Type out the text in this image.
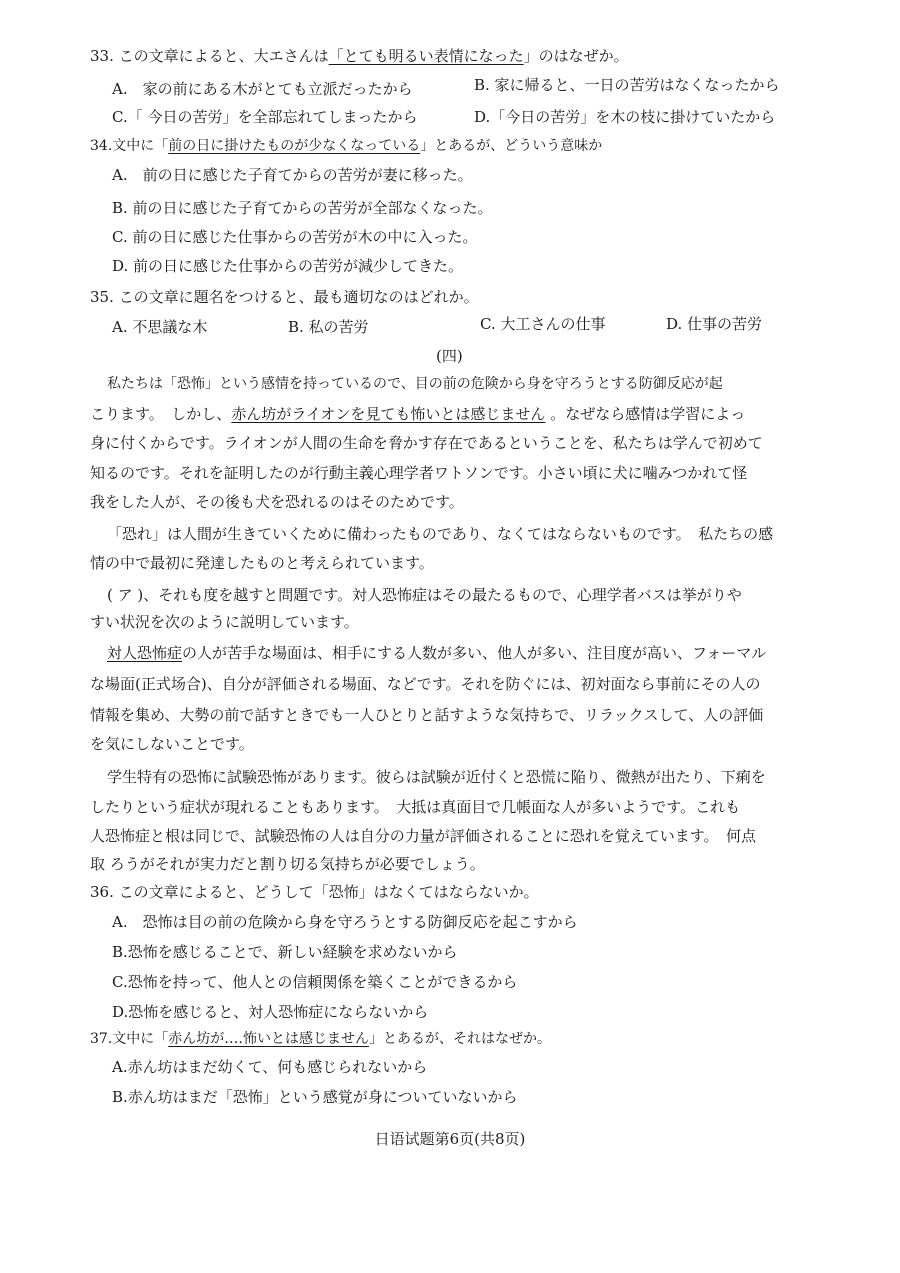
33. この文章によると、大エさんは「とても明るい表情になった」のはなぜか。
A.　家の前にある木がとても立派だったから	B. 家に帰ると、一日の苦労はなくなったから
C.「 今日の苦労」を全部忘れてしまったから	D.「今日の苦労」を木の枝に掛けていたから
34.文中に「前の日に掛けたものが少なくなっている」とあるが、どういう意味か
A.　前の日に感じた子育てからの苦労が妻に移った。
B. 前の日に感じた子育てからの苦労が全部なくなった。
C. 前の日に感じた仕事からの苦労が木の中に入った。
D. 前の日に感じた仕事からの苦労が減少してきた。
35. この文章に題名をつけると、最も適切なのはどれか。
A. 不思議な木	B. 私の苦労	C. 大工さんの仕事	D. 仕事の苦労
(四)
私たちは「恐怖」という感情を持っているので、目の前の危険から身を守ろうとする防御反応が起
こります。　しかし、赤ん坊がライオンを見ても怖いとは感じません 。なぜなら感情は学習によっ
身に付くからです。ライオンが人間の生命を脅かす存在であるということを、私たちは学んで初めて
知るのです。それを証明したのが行動主義心理学者ワトソンです。小さい頃に犬に噛みつかれて怪
我をした人が、その後も犬を恐れるのはそのためです。
「恐れ」は人間が生きていくために備わったものであり、なくてはならないものです。　私たちの感
情の中で最初に発達したものと考えられています。
( ア )、それも度を越すと問題です。対人恐怖症はその最たるもので、心理学者バスは挙がりや
すい状況を次のように説明しています。
対人恐怖症の人が苦手な場面は、相手にする人数が多い、他人が多い、注目度が高い、フォーマル
な場面(正式场合)、自分が評価される場面、などです。それを防ぐには、初対面なら事前にその人の
情報を集め、大勢の前で話すときでも一人ひとりと話すような気持ちで、リラックスして、人の評価
を気にしないことです。
学生特有の恐怖に試験恐怖があります。彼らは試験が近付くと恐慌に陥り、微熱が出たり、下痢を
したりという症状が現れることもあります。　大抵は真面目で几帳面な人が多いようです。これも
人恐怖症と根は同じで、試験恐怖の人は自分の力量が評価されることに恐れを覚えています。　何点
取 ろうがそれが実力だと割り切る気持ちが必要でしょう。
36. この文章によると、どうして「恐怖」はなくてはならないか。
A.　恐怖は目の前の危険から身を守ろうとする防御反応を起こすから
B.恐怖を感じることで、新しい経験を求めないから
C.恐怖を持って、他人との信頼関係を築くことができるから
D.恐怖を感じると、対人恐怖症にならないから
37.文中に「赤ん坊が‥‥怖いとは感じません」とあるが、それはなぜか。
A.赤ん坊はまだ幼くて、何も感じられないから
B.赤ん坊はまだ「恐怖」という感覚が身についていないから
日语试题第6页(共8页)
